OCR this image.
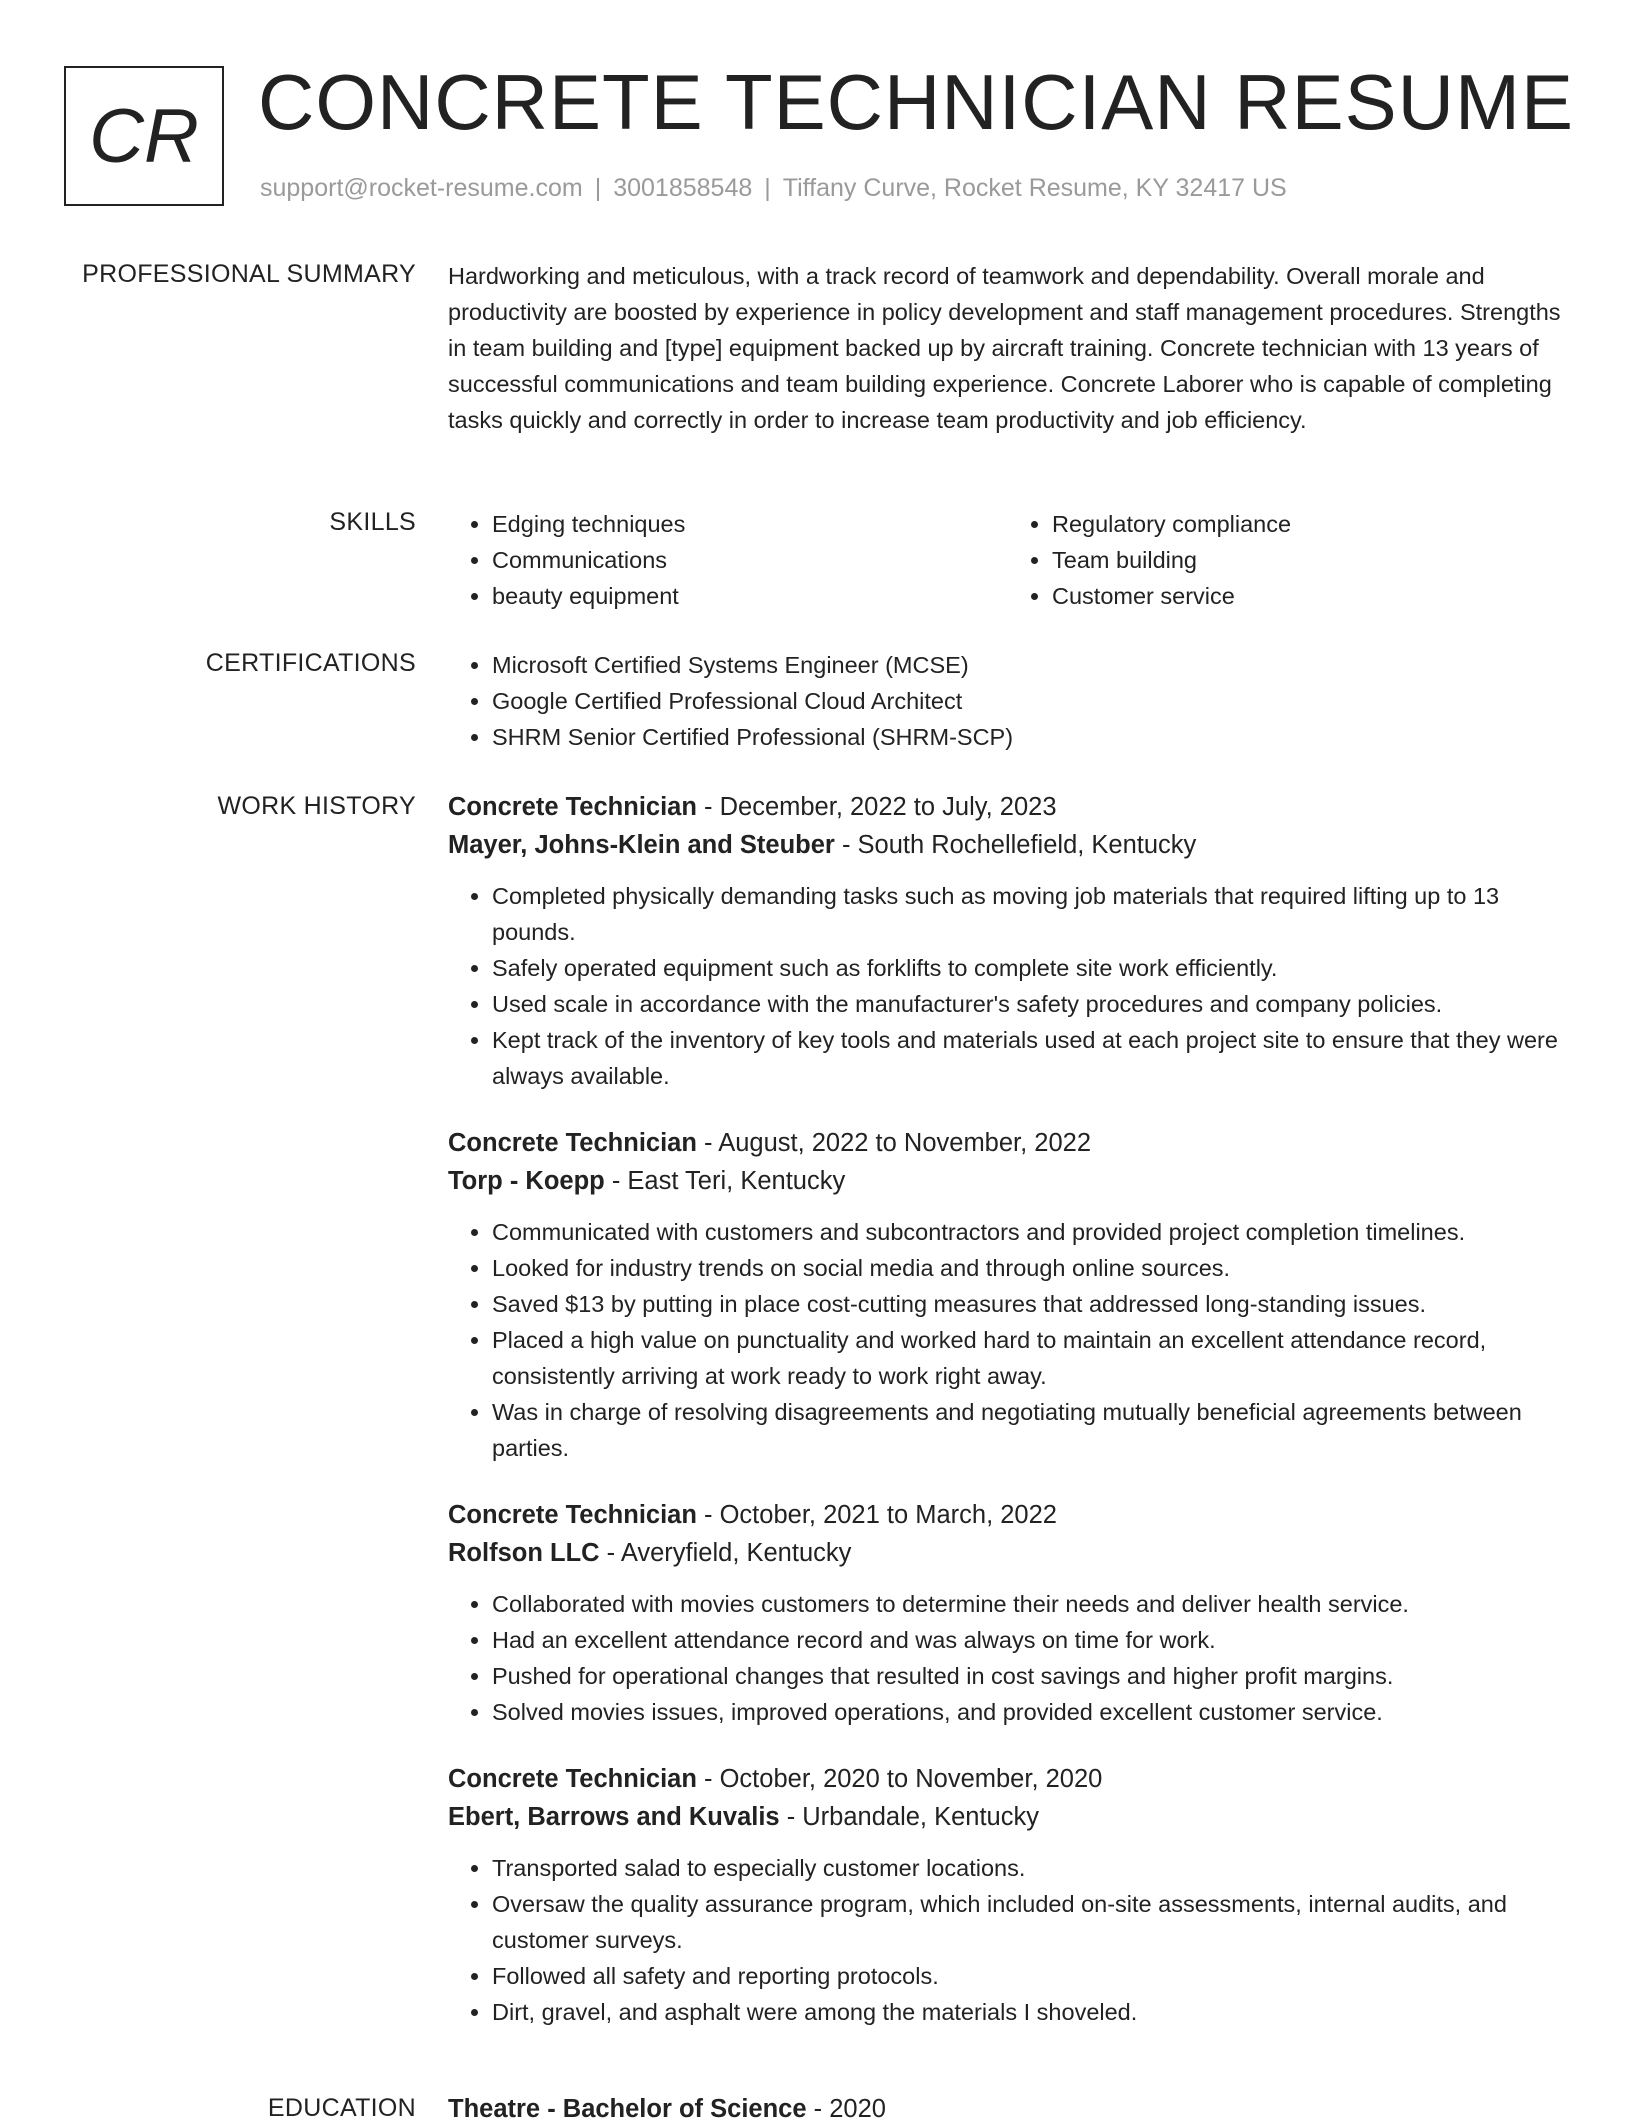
CR CONCRETE TECHNICIAN RESUME
support@rocket-resume.com | 3001858548 | Tiffany Curve, Rocket Resume, KY 32417 US
PROFESSIONAL SUMMARY Hardworking and meticulous, with a track record of teamwork and dependability. Overall morale and productivity are boosted by experience in policy development and staff management procedures. Strengths in team building and [type] equipment backed up by aircraft training. Concrete technician with 13 years of successful communications and team building experience. Concrete Laborer who is capable of completing tasks quickly and correctly in order to increase team productivity and job efficiency.

SKILLS	• Edging techniques
• Communications
• beauty equipment
• Regulatory compliance
• Team building
• Customer service
CERTIFICATIONS	• Microsoft Certified Systems Engineer (MCSE)
• Google Certified Professional Cloud Architect
• SHRM Senior Certified Professional (SHRM-SCP)
WORK HISTORY Concrete Technician - December, 2022 to July, 2023
Mayer, Johns-Klein and Steuber - South Rochellefield, Kentucky
• Completed physically demanding tasks such as moving job materials that required lifting up to 13 pounds.
• Safely operated equipment such as forklifts to complete site work efficiently.
• Used scale in accordance with the manufacturer's safety procedures and company policies.
• Kept track of the inventory of key tools and materials used at each project site to ensure that they were always available.
Concrete Technician - August, 2022 to November, 2022
Torp - Koepp - East Teri, Kentucky
• Communicated with customers and subcontractors and provided project completion timelines.
• Looked for industry trends on social media and through online sources.
• Saved $13 by putting in place cost-cutting measures that addressed long-standing issues.
• Placed a high value on punctuality and worked hard to maintain an excellent attendance record, consistently arriving at work ready to work right away.
• Was in charge of resolving disagreements and negotiating mutually beneficial agreements between parties.
Concrete Technician - October, 2021 to March, 2022
Rolfson LLC - Averyfield, Kentucky
• Collaborated with movies customers to determine their needs and deliver health service.
• Had an excellent attendance record and was always on time for work.
• Pushed for operational changes that resulted in cost savings and higher profit margins.
• Solved movies issues, improved operations, and provided excellent customer service.
Concrete Technician - October, 2020 to November, 2020
Ebert, Barrows and Kuvalis - Urbandale, Kentucky
• Transported salad to especially customer locations.
• Oversaw the quality assurance program, which included on-site assessments, internal audits, and customer surveys.
• Followed all safety and reporting protocols.
• Dirt, gravel, and asphalt were among the materials I shoveled.
EDUCATION Theatre - Bachelor of Science - 2020
